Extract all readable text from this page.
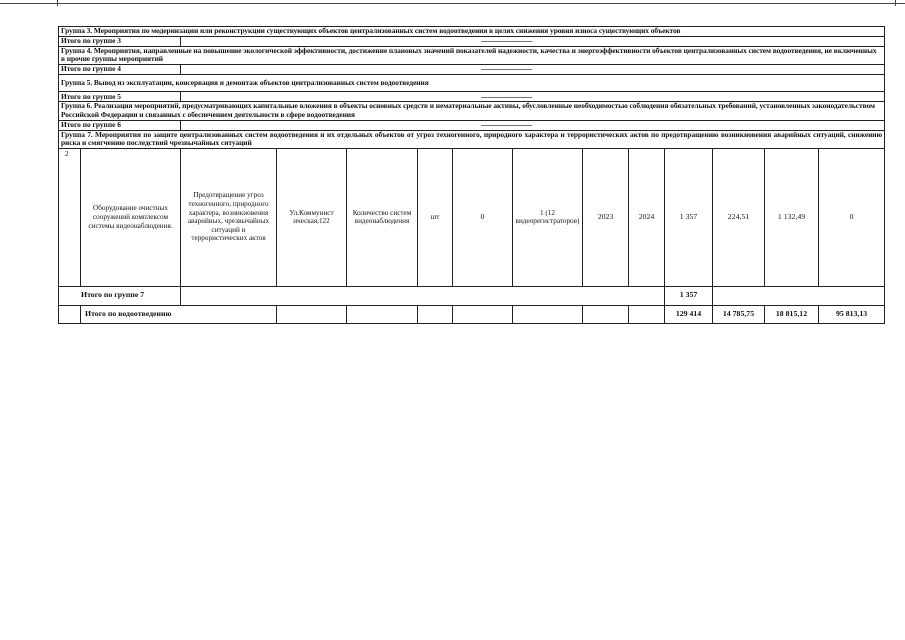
Группа 3. Мероприятия по модернизации или реконструкции существующих объектов централизованных систем водоотведения в целях снижения уровня износа существующих объектов													
Итого по группе 3		--------------------------											
Группа 4. Мероприятия, направленные на повышение экологической эффективности, достижение плановых значений показателей надежности, качества и энергоэффективности объектов централизованных систем водоотведения, не включенных в прочие группы мероприятий													
Итого по группе 4		--------------------------											
Группа 5. Вывод из эксплуатации, консервация и демонтаж объектов централизованных систем водоотведения													
Итого по группе 5		--------------------------											
Группа 6. Реализация мероприятий, предусматривающих капитальные вложения в объекты основных средств и нематериальные активы, обусловленные необходимостью соблюдения обязательных требований, установленных законодательством Российской Федерации и связанных с обеспечением деятельности в сфере водоотведения													
Итого по группе 6		--------------------------											
Группа 7. Мероприятия по защите централизованных систем водоотведения и их отдельных объектов от угроз техногенного, природного характера и террористических актов по предотвращению возникновения аварийных ситуаций, снижению риска и смягчению последствий чрезвычайных ситуаций													
2	Оборудование очистных сооружений комплексом системы видеонаблюдения.	Предотвращение угроз техногенного, природного характера, возникновения аварийных, чрезвычайных ситуаций и террористических актов	Ул.Коммунист ическая,122	Количество систем видеонаблюдения	шт	0	1 (12 видеорегистраторов)	2023	2024	1 357	224,51	1 132,49	0
Итого по группе 7										1 357			
	Итого по водоотведению									129 414	14 785,75	18 815,12	95 813,13
